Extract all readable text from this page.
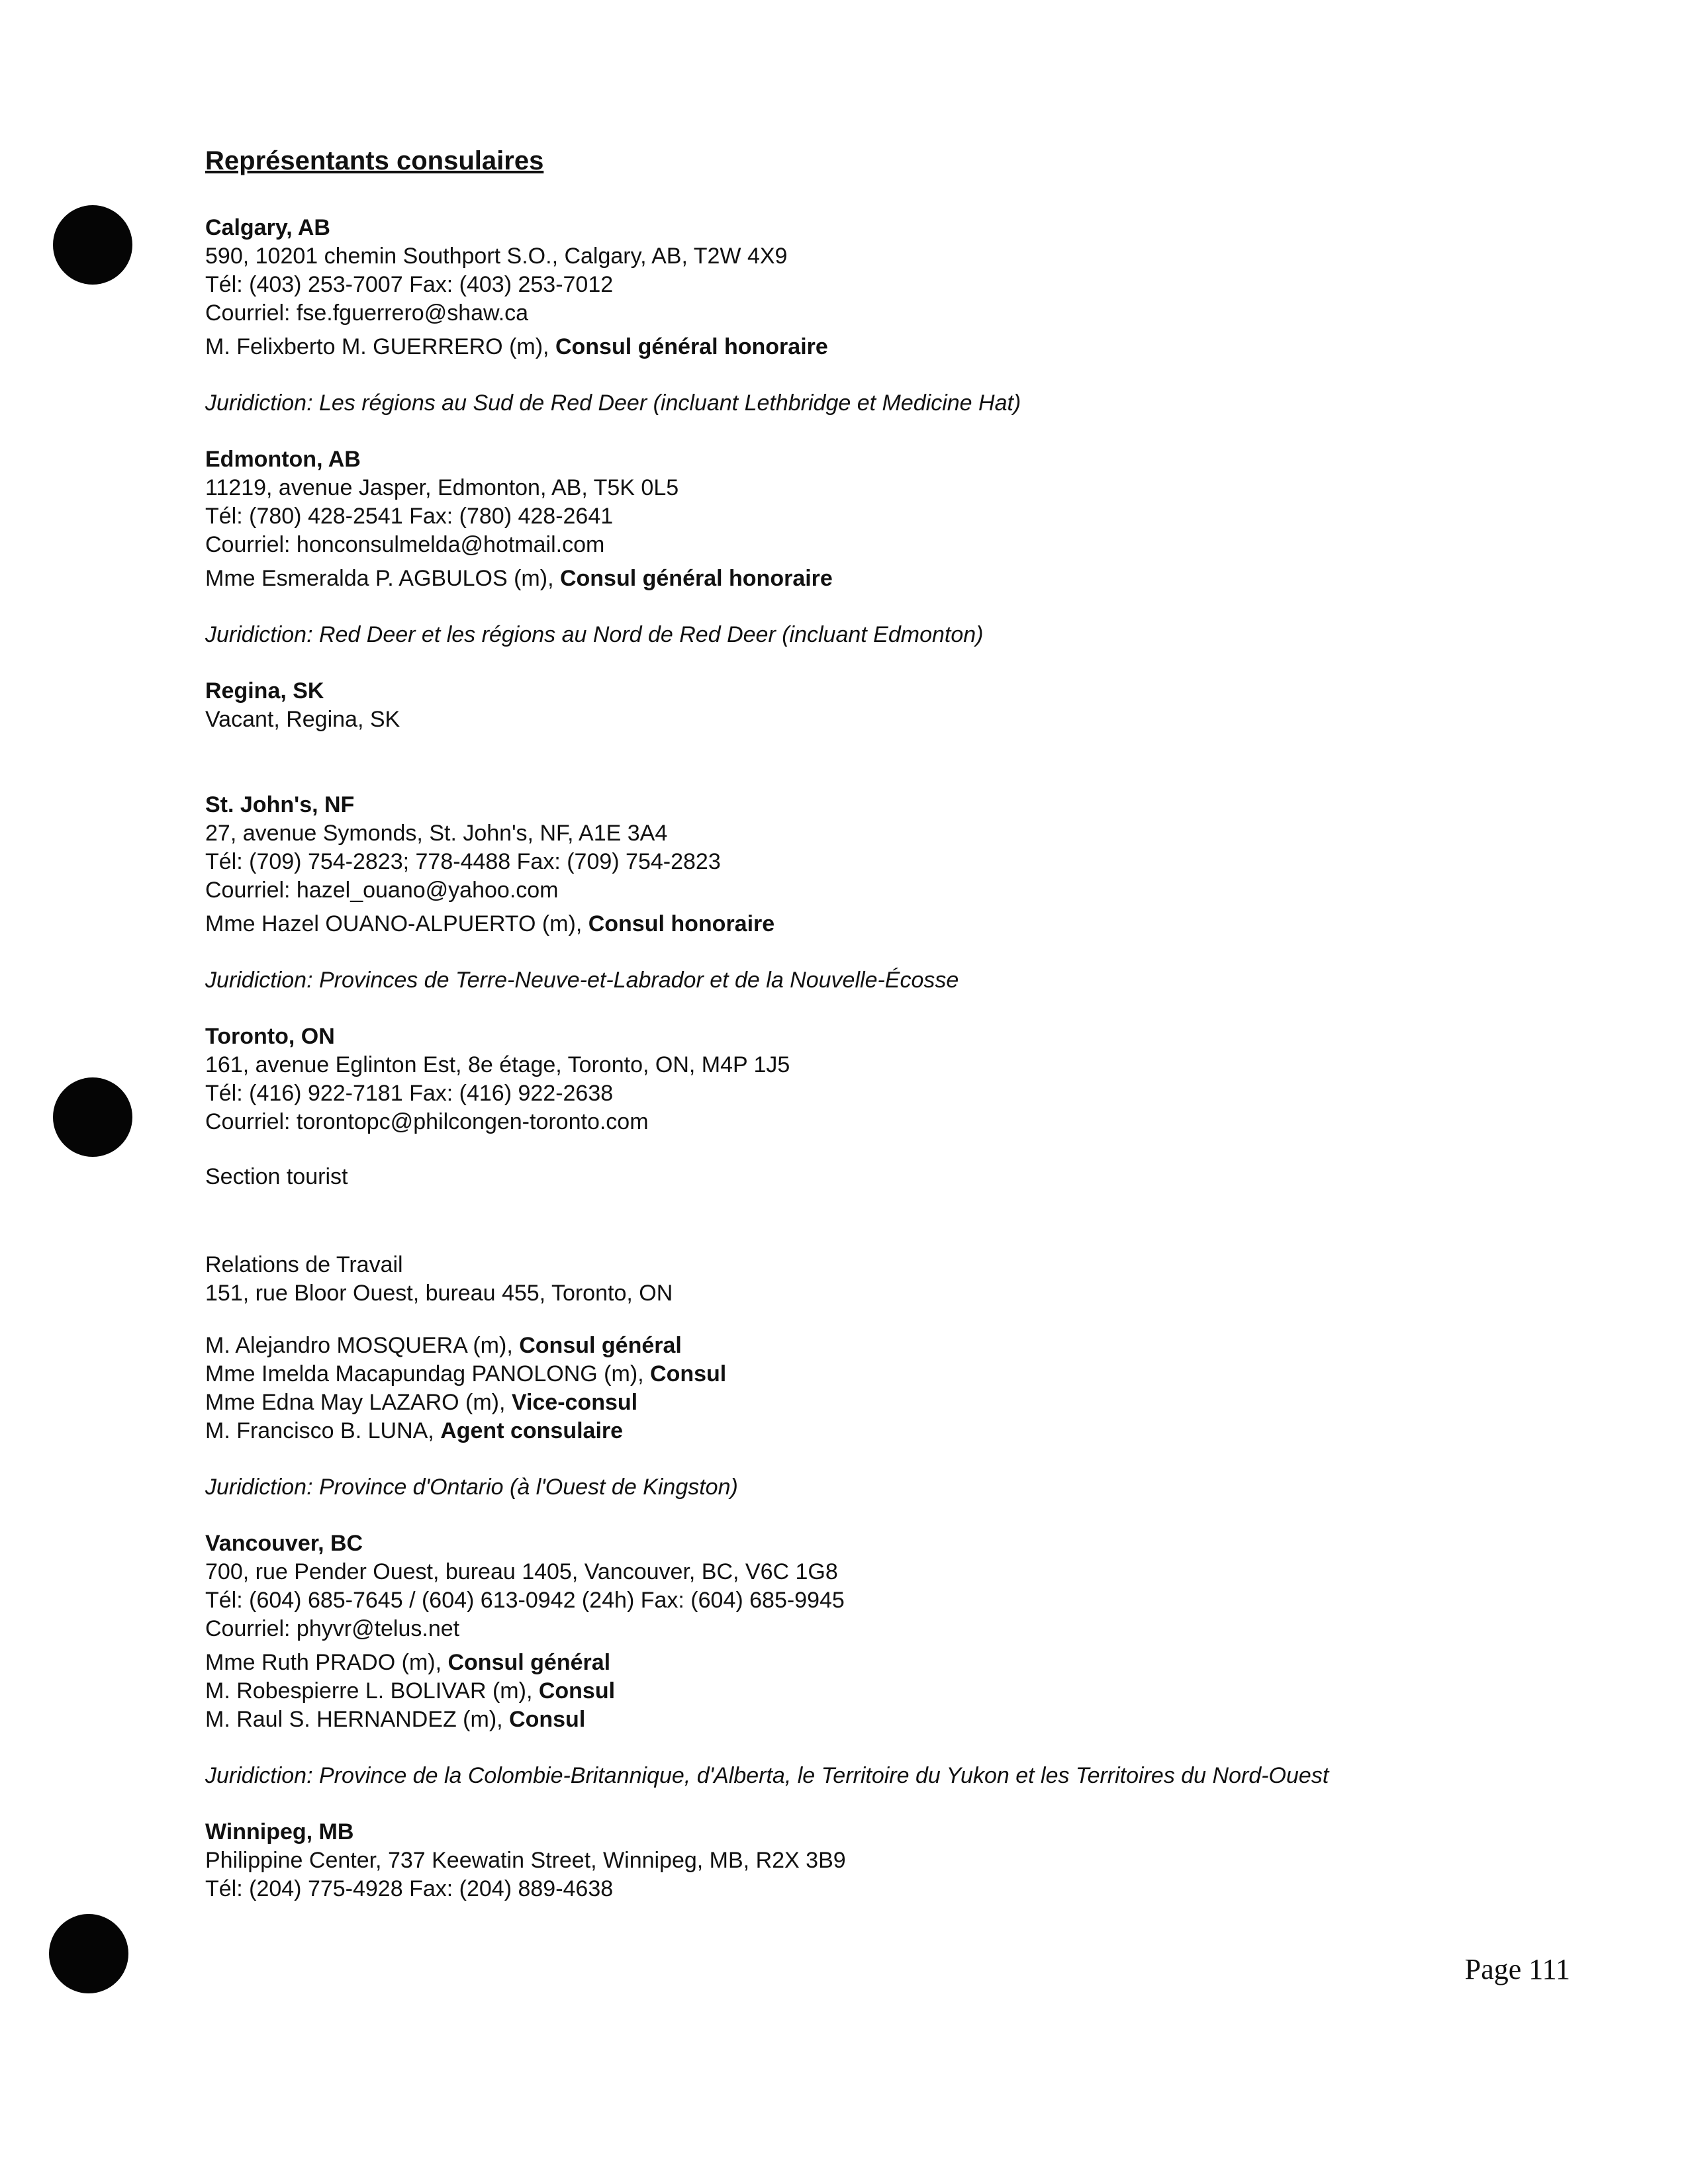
Représentants consulaires
Calgary, AB
590, 10201 chemin Southport S.O., Calgary, AB, T2W 4X9
Tél: (403) 253-7007 Fax: (403) 253-7012
Courriel: fse.fguerrero@shaw.ca
M. Felixberto M. GUERRERO (m), Consul général honoraire
Juridiction: Les régions au Sud de Red Deer (incluant Lethbridge et Medicine Hat)
Edmonton, AB
11219, avenue Jasper, Edmonton, AB, T5K 0L5
Tél: (780) 428-2541 Fax: (780) 428-2641
Courriel: honconsulmelda@hotmail.com
Mme Esmeralda P. AGBULOS (m), Consul général honoraire
Juridiction: Red Deer et les régions au Nord de Red Deer (incluant Edmonton)
Regina, SK
Vacant, Regina, SK
St. John's, NF
27, avenue Symonds, St. John's, NF, A1E 3A4
Tél: (709) 754-2823; 778-4488 Fax: (709) 754-2823
Courriel: hazel_ouano@yahoo.com
Mme Hazel OUANO-ALPUERTO (m), Consul honoraire
Juridiction: Provinces de Terre-Neuve-et-Labrador et de la Nouvelle-Écosse
Toronto, ON
161, avenue Eglinton Est, 8e étage, Toronto, ON, M4P 1J5
Tél: (416) 922-7181 Fax: (416) 922-2638
Courriel: torontopc@philcongen-toronto.com
Section tourist
Relations de Travail
151, rue Bloor Ouest, bureau 455, Toronto, ON
M. Alejandro MOSQUERA (m), Consul général
Mme Imelda Macapundag PANOLONG (m), Consul
Mme Edna May LAZARO (m), Vice-consul
M. Francisco B. LUNA, Agent consulaire
Juridiction: Province d'Ontario (à l'Ouest de Kingston)
Vancouver, BC
700, rue Pender Ouest, bureau 1405, Vancouver, BC, V6C 1G8
Tél: (604) 685-7645 / (604) 613-0942 (24h) Fax: (604) 685-9945
Courriel: phyvr@telus.net
Mme Ruth PRADO (m), Consul général
M. Robespierre L. BOLIVAR (m), Consul
M. Raul S. HERNANDEZ (m), Consul
Juridiction: Province de la Colombie-Britannique, d'Alberta, le Territoire du Yukon et les Territoires du Nord-Ouest
Winnipeg, MB
Philippine Center, 737 Keewatin Street, Winnipeg, MB, R2X 3B9
Tél: (204) 775-4928 Fax: (204) 889-4638
Page 111
